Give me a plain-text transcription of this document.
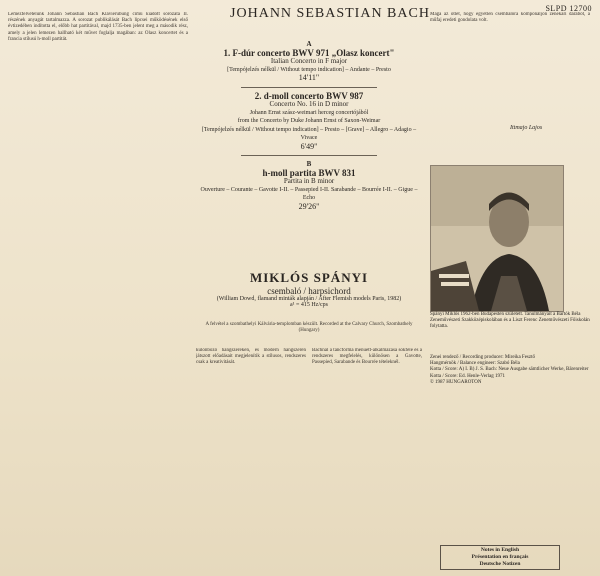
SLPD 12700
JOHANN SEBASTIAN BACH

Lemezfelvételünk Johann Sebastian Bach Klavierübung című kiadott sorozata II. részének anyagát tartalmazza. A sorozat publikálását Bach lipcsei működésének első évtizedében indította el, előbb hat partitával, majd 1735-ben jelent meg a második rész, amely a jelen lemezen hallható két művet foglalja magában: az Olasz koncertet és a francia stílusú h-moll partitát.

A
1. F-dúr concerto BWV 971 „Olasz koncert"
Italian Concerto in F major
[Tempójelzés nélkül / Without tempo indication] – Andante – Presto
14'11"
2. d-moll concerto BWV 987
Concerto No. 16 in D minor
Johann Ernst szász-weimari herceg concertójából
from the Concerto by Duke Johann Ernst of Saxon-Weimar
[Tempójelzés nélkül / Without tempo indication] – Presto – [Grave] – Allegro – Adagio – Vivace
6'49"
B
h-moll partita BWV 831
Partita in B minor
Ouverture – Courante – Gavotte I-II. – Passepied I-II. Sarabande – Bourrée I-II. – Gigue – Echo
29'26"
MIKLÓS SPÁNYI
csembaló / harpsichord
(William Dowd, flamand minták alapján / After Flemish models Paris, 1982)
a¹ = 415 Hz/cps
A felvétel a szombathelyi Kálvária-templomban készült. Recorded at the Calvary Church, Szombathely (Hungary)

különböző hangszereken, és modern hangszeren játszott előadásait megjelenítik a stílusos, rendszeres csak a kreativitását.

Bachnál a táncforma menüett-alkalmazása sokféle és a rendszeres megfelelés, különösen a Gavotte, Passepied, Sarabande és Bourrée tételeknél.

Maga az ötlet, hogy egyetlen csembalóra komponáljon zenekari darabot, a műfaj eredeti gondolata volt.

Ittmajo Lajos
Spányi Miklós 1962-ben Budapesten született. Tanulmányait a Bartók Béla Zeneművészeti Szakközépiskolában és a Liszt Ferenc Zeneművészeti Főiskolán folytatta.
Zenei rendező / Recording producer: Mireika Fesztő
Hangmérnök / Balance engineer: Szabó Béla
Kotta / Score: A) I. B) J. S. Bach: Neue Ausgabe sämtlicher Werke, Bärenreiter
Kotta / Score: Ed. Henle-Verlag 1971
© 1987 HUNGAROTON
Notes in English
Présentation en français
Deutsche Notizen
